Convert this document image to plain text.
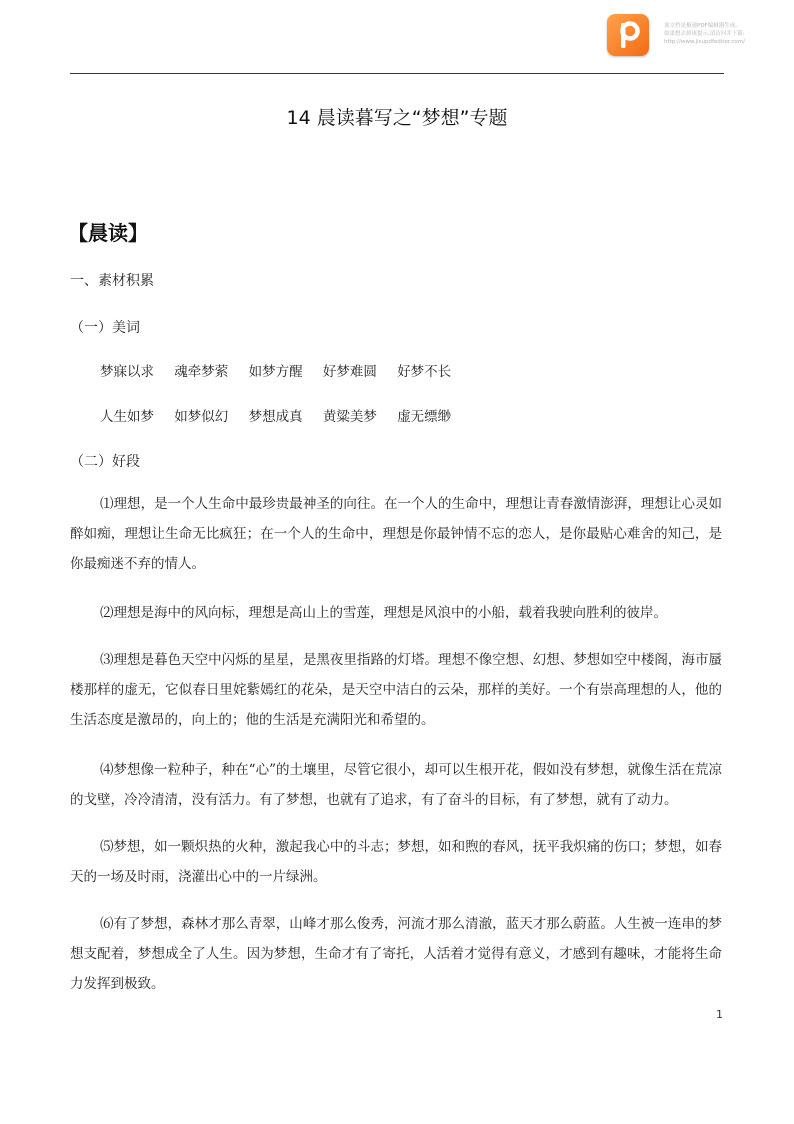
该文档是极速PDF编辑器生成,
如果想去掉该提示,请访问并下载:
http://www.jisupdfeditor.com/
14 晨读暮写之“梦想”专题
【晨读】
一、素材积累
（一）美词
梦寐以求 魂牵梦萦 如梦方醒 好梦难圆 好梦不长
人生如梦 如梦似幻 梦想成真 黄粱美梦 虚无缥缈
（二）好段

⑴理想，是一个人生命中最珍贵最神圣的向往。在一个人的生命中，理想让青春激情澎湃，理想让心灵如醉如痴，理想让生命无比疯狂；在一个人的生命中，理想是你最钟情不忘的恋人，是你最贴心难舍的知己，是你最痴迷不弃的情人。

⑵理想是海中的风向标，理想是高山上的雪莲，理想是风浪中的小船，载着我驶向胜利的彼岸。

⑶理想是暮色天空中闪烁的星星，是黑夜里指路的灯塔。理想不像空想、幻想、梦想如空中楼阁，海市蜃楼那样的虚无，它似春日里姹紫嫣红的花朵，是天空中洁白的云朵，那样的美好。一个有崇高理想的人，他的生活态度是激昂的，向上的；他的生活是充满阳光和希望的。

⑷梦想像一粒种子，种在“心”的土壤里，尽管它很小，却可以生根开花，假如没有梦想，就像生活在荒凉的戈壁，冷冷清清，没有活力。有了梦想，也就有了追求，有了奋斗的目标，有了梦想，就有了动力。

⑸梦想，如一颗炽热的火种，激起我心中的斗志；梦想，如和煦的春风，抚平我炽痛的伤口；梦想，如春天的一场及时雨，浇灌出心中的一片绿洲。

⑹有了梦想，森林才那么青翠，山峰才那么俊秀，河流才那么清澈，蓝天才那么蔚蓝。人生被一连串的梦想支配着，梦想成全了人生。因为梦想，生命才有了寄托，人活着才觉得有意义，才感到有趣味，才能将生命力发挥到极致。

1
